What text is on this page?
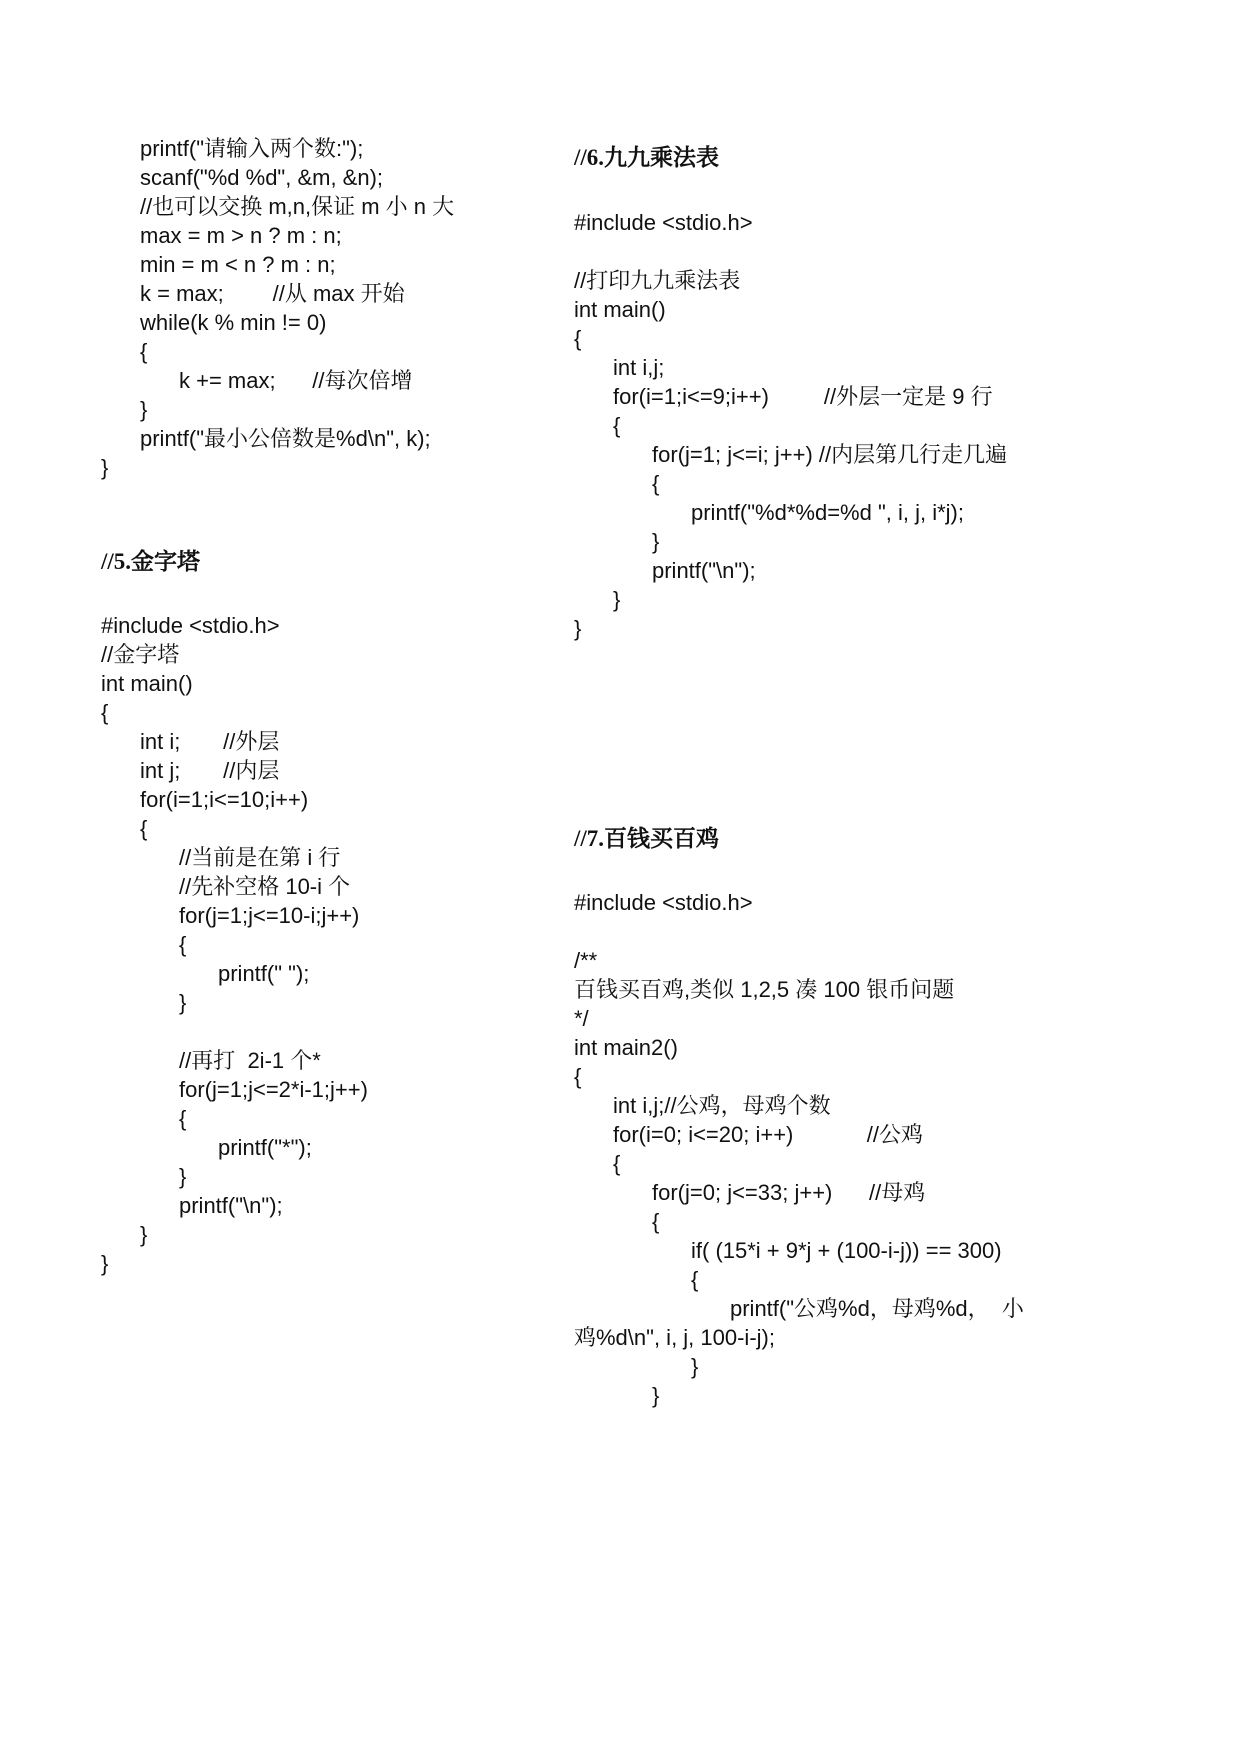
printf("请输入两个数:");
scanf("%d %d", &m, &n);
//也可以交换 m,n,保证 m 小 n 大
max = m > n ? m : n;
min = m < n ? m : n;
k = max;        //从 max 开始
while(k % min != 0)
{
k += max;      //每次倍增
}
printf("最小公倍数是%d\n", k);
}
//5.金字塔
#include <stdio.h>
//金字塔
int main()
{
int i;       //外层
int j;       //内层
for(i=1;i<=10;i++)
{
//当前是在第 i 行
//先补空格 10-i 个
for(j=1;j<=10-i;j++)
{
printf(" ");
}
//再打  2i-1 个*
for(j=1;j<=2*i-1;j++)
{
printf("*");
}
printf("\n");
}
}
//6.九九乘法表
#include <stdio.h>
//打印九九乘法表
int main()
{
int i,j;
for(i=1;i<=9;i++)         //外层一定是 9 行
{
for(j=1; j<=i; j++) //内层第几行走几遍
{
printf("%d*%d=%d ", i, j, i*j);
}
printf("\n");
}
}
//7.百钱买百鸡
#include <stdio.h>
/**
百钱买百鸡,类似 1,2,5 凑 100 银币问题
*/
int main2()
{
int i,j;//公鸡，母鸡个数
for(i=0; i<=20; i++)            //公鸡
{
for(j=0; j<=33; j++)      //母鸡
{
if( (15*i + 9*j + (100-i-j)) == 300)
{
printf("公鸡%d，母鸡%d，  小
鸡%d\n", i, j, 100-i-j);
}
}
